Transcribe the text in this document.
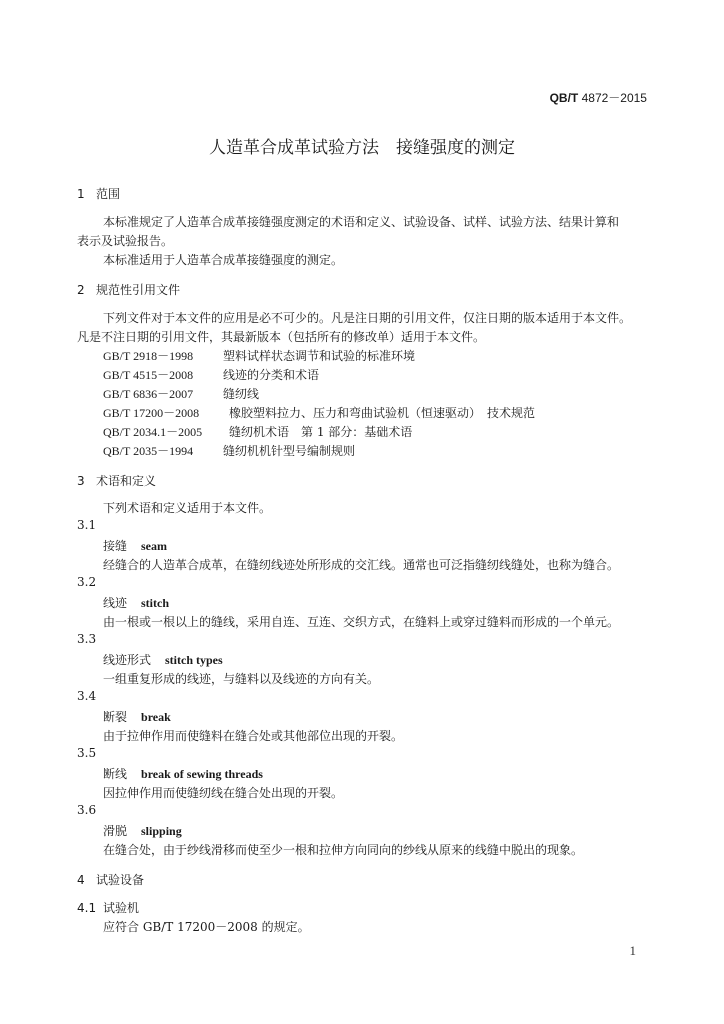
QB/T 4872－2015
人造革合成革试验方法　接缝强度的测定
1 范围
本标准规定了人造革合成革接缝强度测定的术语和定义、试验设备、试样、试验方法、结果计算和
表示及试验报告。
本标准适用于人造革合成革接缝强度的测定。
2 规范性引用文件
下列文件对于本文件的应用是必不可少的。凡是注日期的引用文件，仅注日期的版本适用于本文件。
凡是不注日期的引用文件，其最新版本（包括所有的修改单）适用于本文件。
GB/T 2918－1998 塑料试样状态调节和试验的标准环境
GB/T 4515－2008 线迹的分类和术语
GB/T 6836－2007 缝纫线
GB/T 17200－2008 橡胶塑料拉力、压力和弯曲试验机（恒速驱动）　技术规范
QB/T 2034.1－2005 缝纫机术语　第 1 部分：基础术语
QB/T 2035－1994 缝纫机机针型号编制规则
3 术语和定义
下列术语和定义适用于本文件。
3.1
接缝 seam
经缝合的人造革合成革，在缝纫线迹处所形成的交汇线。通常也可泛指缝纫线缝处，也称为缝合。
3.2
线迹 stitch
由一根或一根以上的缝线，采用自连、互连、交织方式，在缝料上或穿过缝料而形成的一个单元。
3.3
线迹形式 stitch types
一组重复形成的线迹，与缝料以及线迹的方向有关。
3.4
断裂 break
由于拉伸作用而使缝料在缝合处或其他部位出现的开裂。
3.5
断线 break of sewing threads
因拉伸作用而使缝纫线在缝合处出现的开裂。
3.6
滑脱 slipping
在缝合处，由于纱线滑移而使至少一根和拉伸方向同向的纱线从原来的线缝中脱出的现象。
4 试验设备
4.1 试验机
应符合 GB/T 17200－2008 的规定。
1
